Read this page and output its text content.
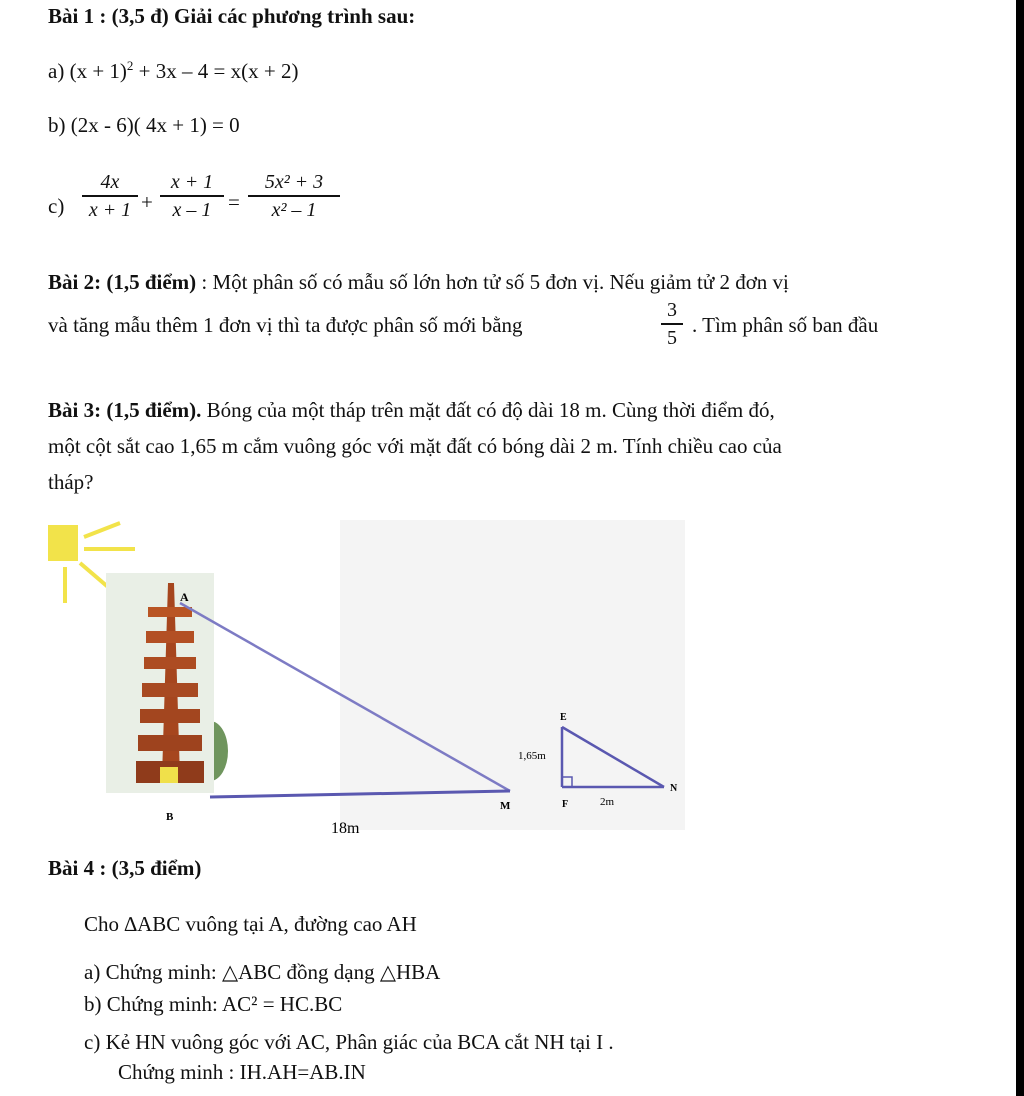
Bài 1 : (3,5 đ) Giải các phương trình sau:
a) $(x + 1)^2 + 3x - 4 = x(x + 2)$
b) (2x - 6)( 4x + 1) = 0
c)
4x
x + 1 +
x + 1
x – 1 =
5x² + 3
x² – 1
Bài 2: (1,5 điểm) : Một phân số có mẫu số lớn hơn tử số 5 đơn vị. Nếu giảm tử 2 đơn vị
và tăng mẫu thêm 1 đơn vị thì ta được phân số mới bằng
3
5
. Tìm phân số ban đầu
Bài 3: (1,5 điểm). Bóng của một tháp trên mặt đất có độ dài 18 m. Cùng thời điểm đó,
một cột sắt cao 1,65 m cắm vuông góc với mặt đất có bóng dài 2 m. Tính chiều cao của
tháp?
A
B
M
18m
E
F
N
1,65m
2m
Bài 4 : (3,5 điểm)
Cho ∆ABC vuông tại A, đường cao AH
a) Chứng minh: △ABC đồng dạng △HBA
b) Chứng minh: AC² = HC.BC
c) Kẻ HN vuông góc với AC, Phân giác của BCA cắt NH tại I .
Chứng minh : IH.AH=AB.IN
